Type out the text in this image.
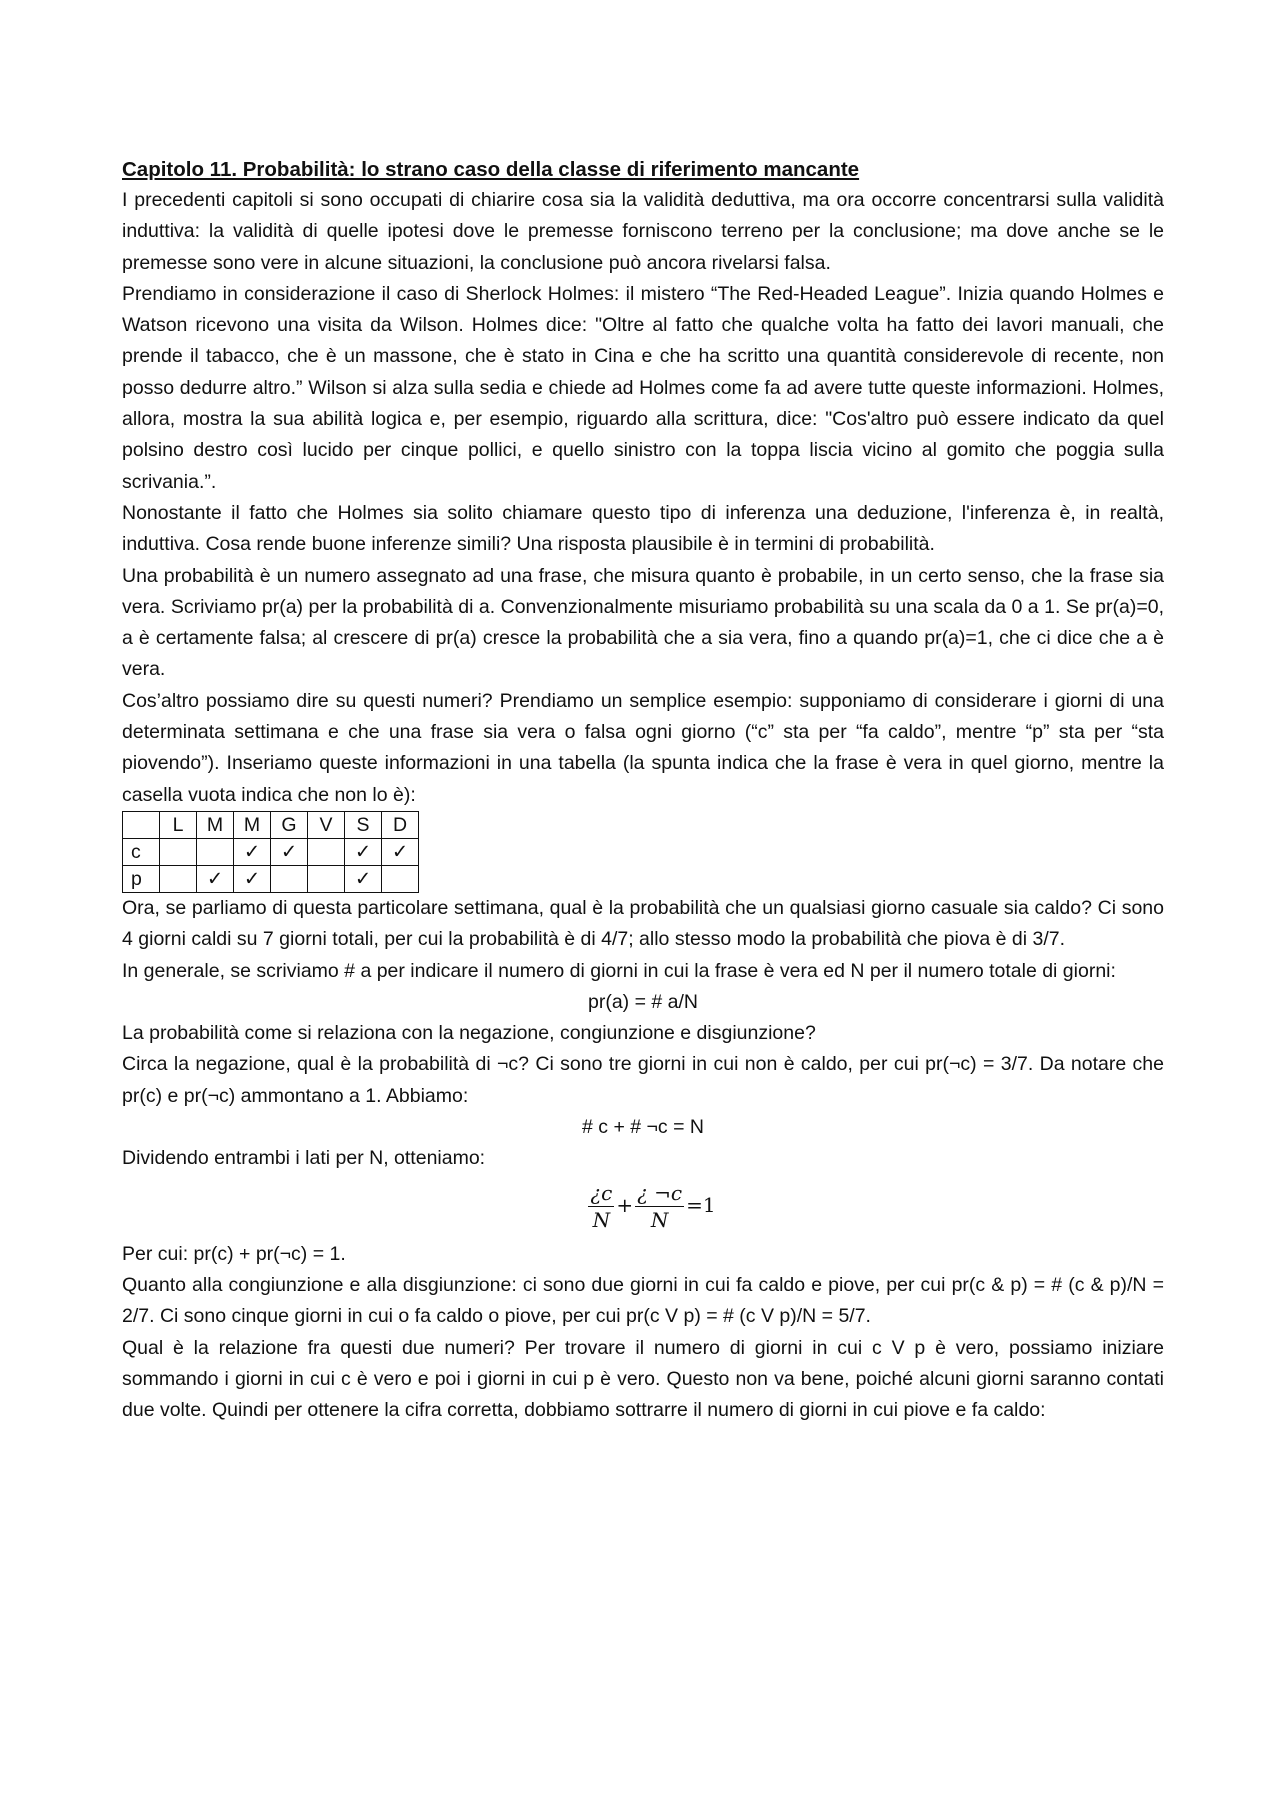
Capitolo 11. Probabilità: lo strano caso della classe di riferimento mancante

I precedenti capitoli si sono occupati di chiarire cosa sia la validità deduttiva, ma ora occorre concentrarsi sulla validità induttiva: la validità di quelle ipotesi dove le premesse forniscono terreno per la conclusione; ma dove anche se le premesse sono vere in alcune situazioni, la conclusione può ancora rivelarsi falsa.

Prendiamo in considerazione il caso di Sherlock Holmes: il mistero “The Red-Headed League”. Inizia quando Holmes e Watson ricevono una visita da Wilson. Holmes dice: "Oltre al fatto che qualche volta ha fatto dei lavori manuali, che prende il tabacco, che è un massone, che è stato in Cina e che ha scritto una quantità considerevole di recente, non posso dedurre altro.” Wilson si alza sulla sedia e chiede ad Holmes come fa ad avere tutte queste informazioni. Holmes, allora, mostra la sua abilità logica e, per esempio, riguardo alla scrittura, dice: "Cos'altro può essere indicato da quel polsino destro così lucido per cinque pollici, e quello sinistro con la toppa liscia vicino al gomito che poggia sulla scrivania.”.

Nonostante il fatto che Holmes sia solito chiamare questo tipo di inferenza una deduzione, l'inferenza è, in realtà, induttiva. Cosa rende buone inferenze simili? Una risposta plausibile è in termini di probabilità.

Una probabilità è un numero assegnato ad una frase, che misura quanto è probabile, in un certo senso, che la frase sia vera. Scriviamo pr(a) per la probabilità di a. Convenzionalmente misuriamo probabilità su una scala da 0 a 1. Se pr(a)=0, a è certamente falsa; al crescere di pr(a) cresce la probabilità che a sia vera, fino a quando pr(a)=1, che ci dice che a è vera.

Cos’altro possiamo dire su questi numeri? Prendiamo un semplice esempio: supponiamo di considerare i giorni di una determinata settimana e che una frase sia vera o falsa ogni giorno (“c” sta per “fa caldo”, mentre “p” sta per “sta piovendo”). Inseriamo queste informazioni in una tabella (la spunta indica che la frase è vera in quel giorno, mentre la casella vuota indica che non lo è):

	L	M	M	G	V	S	D
c			✓	✓		✓	✓
p		✓	✓			✓	

Ora, se parliamo di questa particolare settimana, qual è la probabilità che un qualsiasi giorno casuale sia caldo? Ci sono 4 giorni caldi su 7 giorni totali, per cui la probabilità è di 4/7; allo stesso modo la probabilità che piova è di 3/7.

In generale, se scriviamo # a per indicare il numero di giorni in cui la frase è vera ed N per il numero totale di giorni:

pr(a) = # a/N

La probabilità come si relaziona con la negazione, congiunzione e disgiunzione?

Circa la negazione, qual è la probabilità di ¬c? Ci sono tre giorni in cui non è caldo, per cui pr(¬c) = 3/7. Da notare che pr(c) e pr(¬c) ammontano a 1. Abbiamo:

# c + # ¬c = N

Dividendo entrambi i lati per N, otteniamo:

$\frac{¿c}{N} + \frac{¿ \neg c}{N} =1$

Per cui: pr(c) + pr(¬c) = 1.

Quanto alla congiunzione e alla disgiunzione: ci sono due giorni in cui fa caldo e piove, per cui pr(c & p) = # (c & p)/N = 2/7. Ci sono cinque giorni in cui o fa caldo o piove, per cui pr(c V p) = # (c V p)/N = 5/7.

Qual è la relazione fra questi due numeri? Per trovare il numero di giorni in cui c V p è vero, possiamo iniziare sommando i giorni in cui c è vero e poi i giorni in cui p è vero. Questo non va bene, poiché alcuni giorni saranno contati due volte. Quindi per ottenere la cifra corretta, dobbiamo sottrarre il numero di giorni in cui piove e fa caldo:
